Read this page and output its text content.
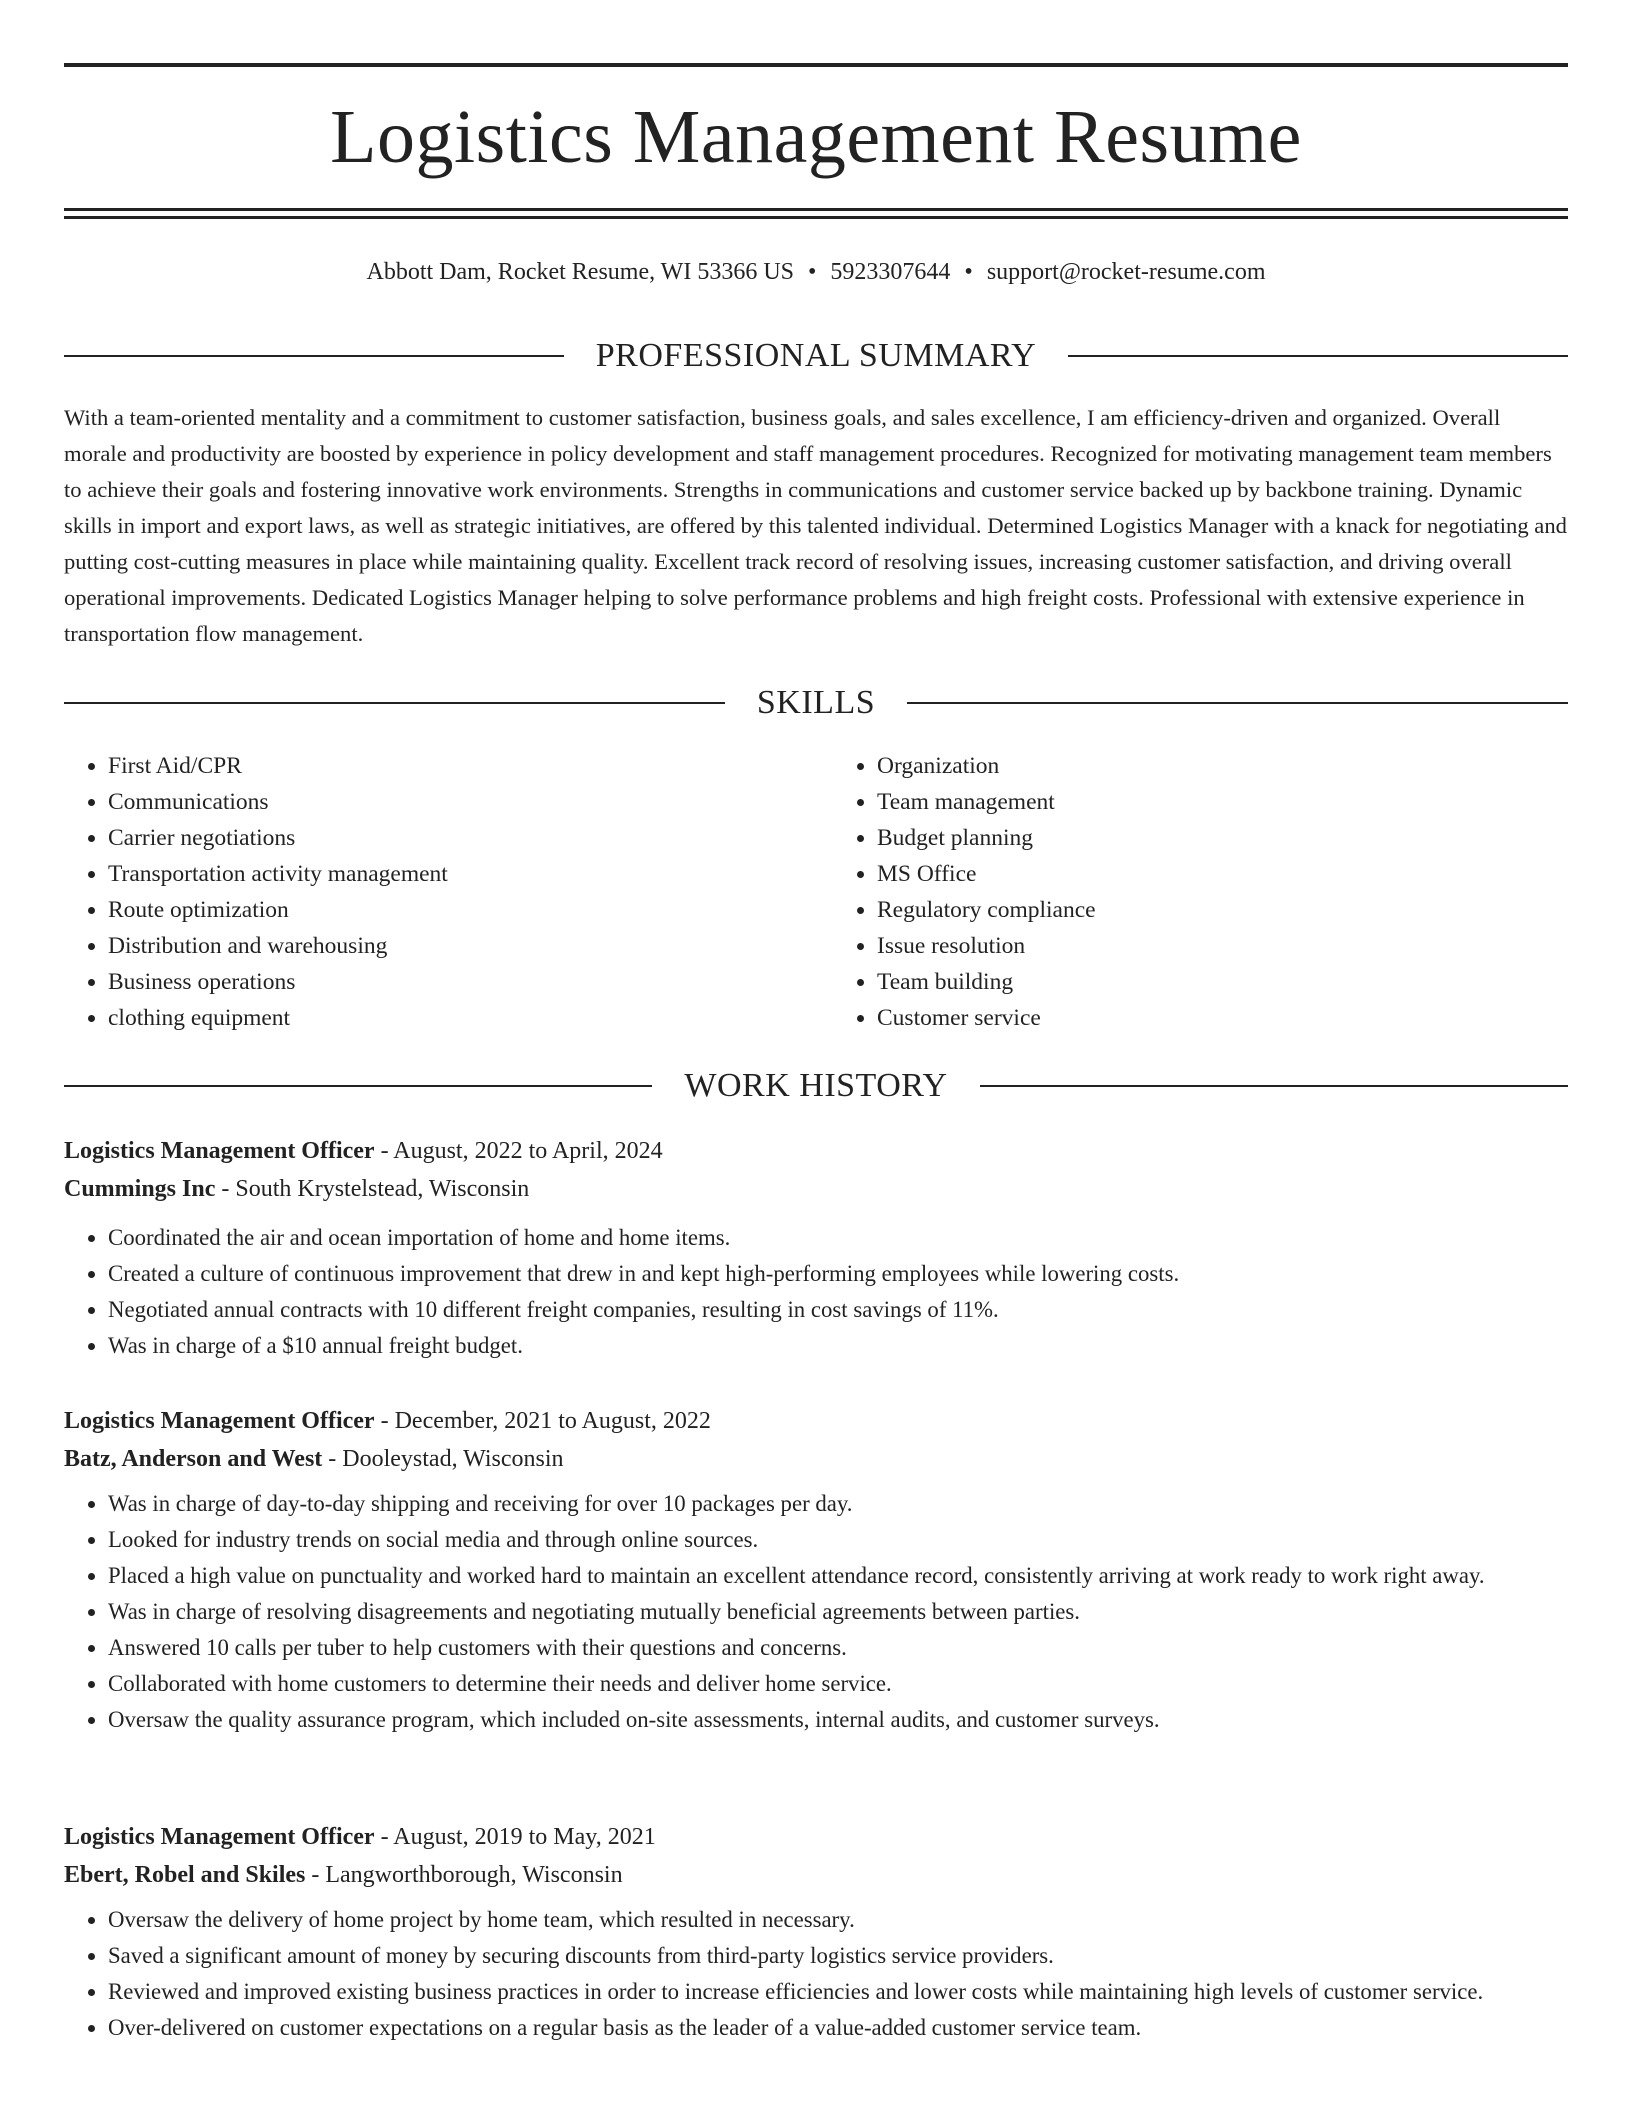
Logistics Management Resume
Abbott Dam, Rocket Resume, WI 53366 US • 5923307644 • support@rocket-resume.com
PROFESSIONAL SUMMARY
With a team-oriented mentality and a commitment to customer satisfaction, business goals, and sales excellence, I am efficiency-driven and organized. Overall morale and productivity are boosted by experience in policy development and staff management procedures. Recognized for motivating management team members to achieve their goals and fostering innovative work environments. Strengths in communications and customer service backed up by backbone training. Dynamic skills in import and export laws, as well as strategic initiatives, are offered by this talented individual. Determined Logistics Manager with a knack for negotiating and putting cost-cutting measures in place while maintaining quality. Excellent track record of resolving issues, increasing customer satisfaction, and driving overall operational improvements. Dedicated Logistics Manager helping to solve performance problems and high freight costs. Professional with extensive experience in transportation flow management.
SKILLS
• First Aid/CPR
• Communications
• Carrier negotiations
• Transportation activity management
• Route optimization
• Distribution and warehousing
• Business operations
• clothing equipment
• Organization
• Team management
• Budget planning
• MS Office
• Regulatory compliance
• Issue resolution
• Team building
• Customer service
WORK HISTORY
Logistics Management Officer - August, 2022 to April, 2024
Cummings Inc - South Krystelstead, Wisconsin
• Coordinated the air and ocean importation of home and home items.
• Created a culture of continuous improvement that drew in and kept high-performing employees while lowering costs.
• Negotiated annual contracts with 10 different freight companies, resulting in cost savings of 11%.
• Was in charge of a $10 annual freight budget.
Logistics Management Officer - December, 2021 to August, 2022
Batz, Anderson and West - Dooleystad, Wisconsin
• Was in charge of day-to-day shipping and receiving for over 10 packages per day.
• Looked for industry trends on social media and through online sources.
• Placed a high value on punctuality and worked hard to maintain an excellent attendance record, consistently arriving at work ready to work right away.
• Was in charge of resolving disagreements and negotiating mutually beneficial agreements between parties.
• Answered 10 calls per tuber to help customers with their questions and concerns.
• Collaborated with home customers to determine their needs and deliver home service.
• Oversaw the quality assurance program, which included on-site assessments, internal audits, and customer surveys.
Logistics Management Officer - August, 2019 to May, 2021
Ebert, Robel and Skiles - Langworthborough, Wisconsin
• Oversaw the delivery of home project by home team, which resulted in necessary.
• Saved a significant amount of money by securing discounts from third-party logistics service providers.
• Reviewed and improved existing business practices in order to increase efficiencies and lower costs while maintaining high levels of customer service.
• Over-delivered on customer expectations on a regular basis as the leader of a value-added customer service team.
